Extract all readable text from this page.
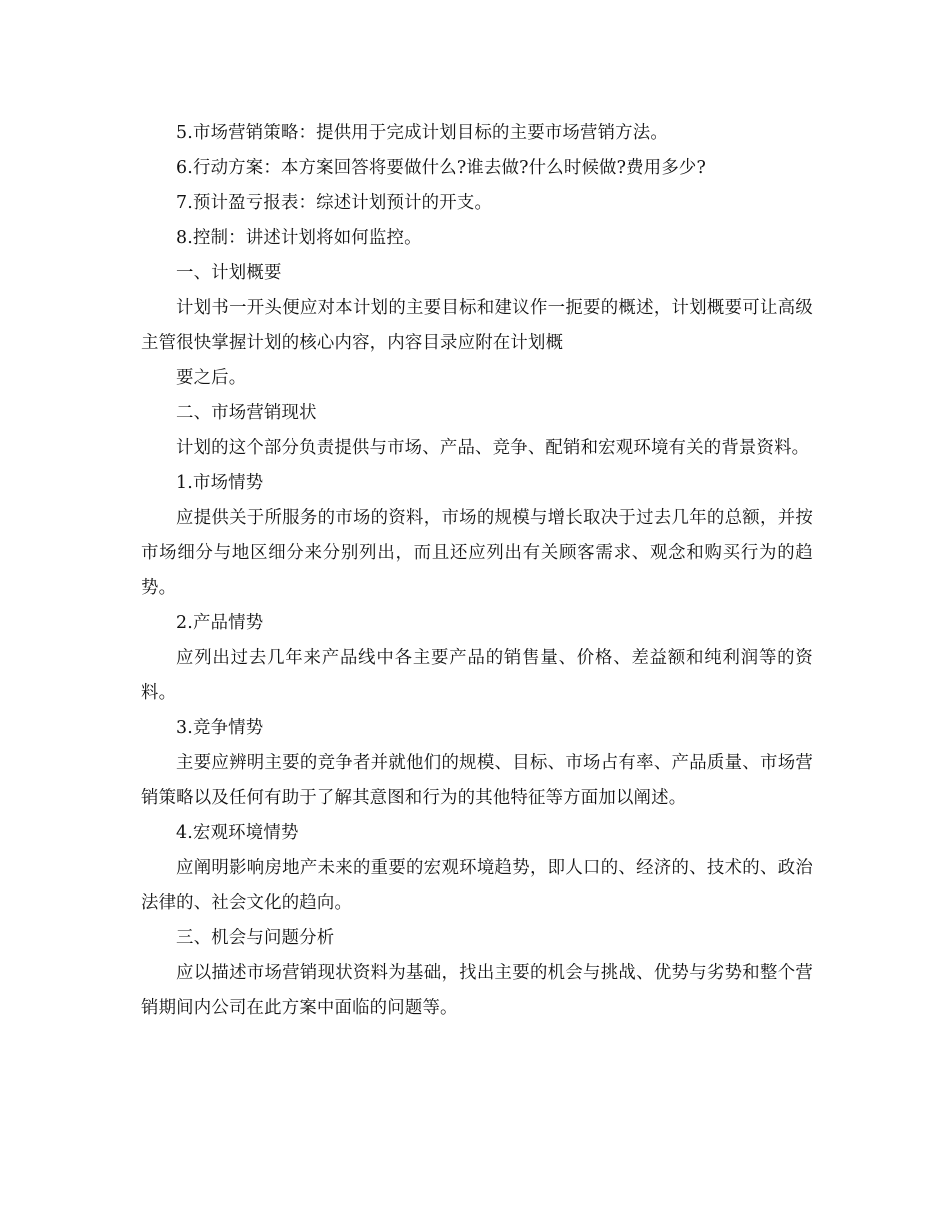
5.市场营销策略：提供用于完成计划目标的主要市场营销方法。

6.行动方案：本方案回答将要做什么?谁去做?什么时候做?费用多少?

7.预计盈亏报表：综述计划预计的开支。

8.控制：讲述计划将如何监控。

一、计划概要

计划书一开头便应对本计划的主要目标和建议作一扼要的概述，计划概要可让高级主管很快掌握计划的核心内容，内容目录应附在计划概

要之后。

二、市场营销现状

计划的这个部分负责提供与市场、产品、竞争、配销和宏观环境有关的背景资料。

1.市场情势

应提供关于所服务的市场的资料，市场的规模与增长取决于过去几年的总额，并按市场细分与地区细分来分别列出，而且还应列出有关顾客需求、观念和购买行为的趋势。

2.产品情势

应列出过去几年来产品线中各主要产品的销售量、价格、差益额和纯利润等的资料。

3.竞争情势

主要应辨明主要的竞争者并就他们的规模、目标、市场占有率、产品质量、市场营销策略以及任何有助于了解其意图和行为的其他特征等方面加以阐述。

4.宏观环境情势

应阐明影响房地产未来的重要的宏观环境趋势，即人口的、经济的、技术的、政治法律的、社会文化的趋向。

三、机会与问题分析

应以描述市场营销现状资料为基础，找出主要的机会与挑战、优势与劣势和整个营销期间内公司在此方案中面临的问题等。
